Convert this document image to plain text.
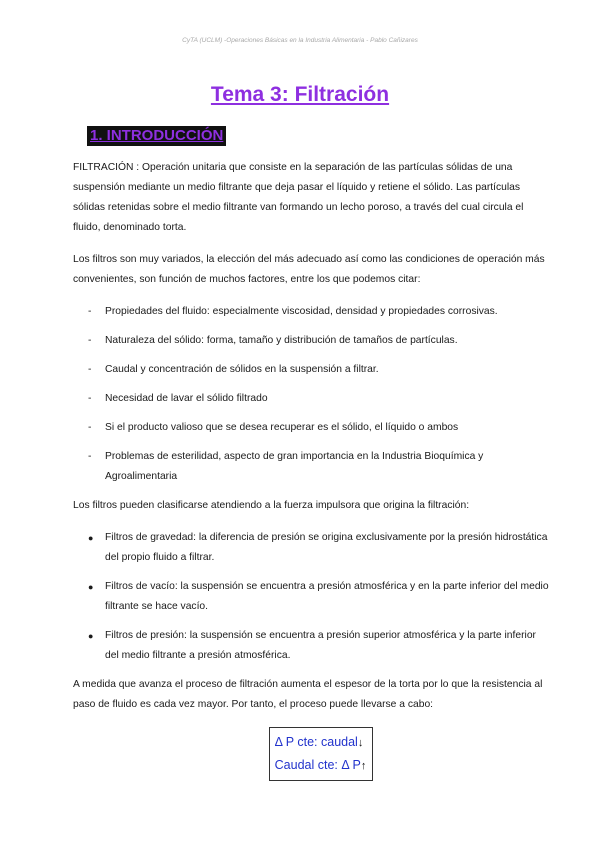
CyTA (UCLM) -Operaciones Básicas en la Industria Alimentaria - Pablo Cañizares
Tema 3: Filtración
1. INTRODUCCIÓN

FILTRACIÓN : Operación unitaria que consiste en la separación de las partículas sólidas de una suspensión mediante un medio filtrante que deja pasar el líquido y retiene el sólido. Las partículas sólidas retenidas sobre el medio filtrante van formando un lecho poroso, a través del cual circula el fluido, denominado torta.

Los filtros son muy variados, la elección del más adecuado así como las condiciones de operación más convenientes, son función de muchos factores, entre los que podemos citar:

- Propiedades del fluido: especialmente viscosidad, densidad y propiedades corrosivas.
- Naturaleza del sólido: forma, tamaño y distribución de tamaños de partículas.
- Caudal y concentración de sólidos en la suspensión a filtrar.
- Necesidad de lavar el sólido filtrado
- Si el producto valioso que se desea recuperar es el sólido, el líquido o ambos
- Problemas de esterilidad, aspecto de gran importancia en la Industria Bioquímica y Agroalimentaria

Los filtros pueden clasificarse atendiendo a la fuerza impulsora que origina la filtración:

● Filtros de gravedad: la diferencia de presión se origina exclusivamente por la presión hidrostática del propio fluido a filtrar.
● Filtros de vacío: la suspensión se encuentra a presión atmosférica y en la parte inferior del medio filtrante se hace vacío.
● Filtros de presión: la suspensión se encuentra a presión superior atmosférica y la parte inferior del medio filtrante a presión atmosférica.

A medida que avanza el proceso de filtración aumenta el espesor de la torta por lo que la resistencia al paso de fluido es cada vez mayor. Por tanto, el proceso puede llevarse a cabo:

Δ P cte: caudal↓
Caudal cte: Δ P↑
